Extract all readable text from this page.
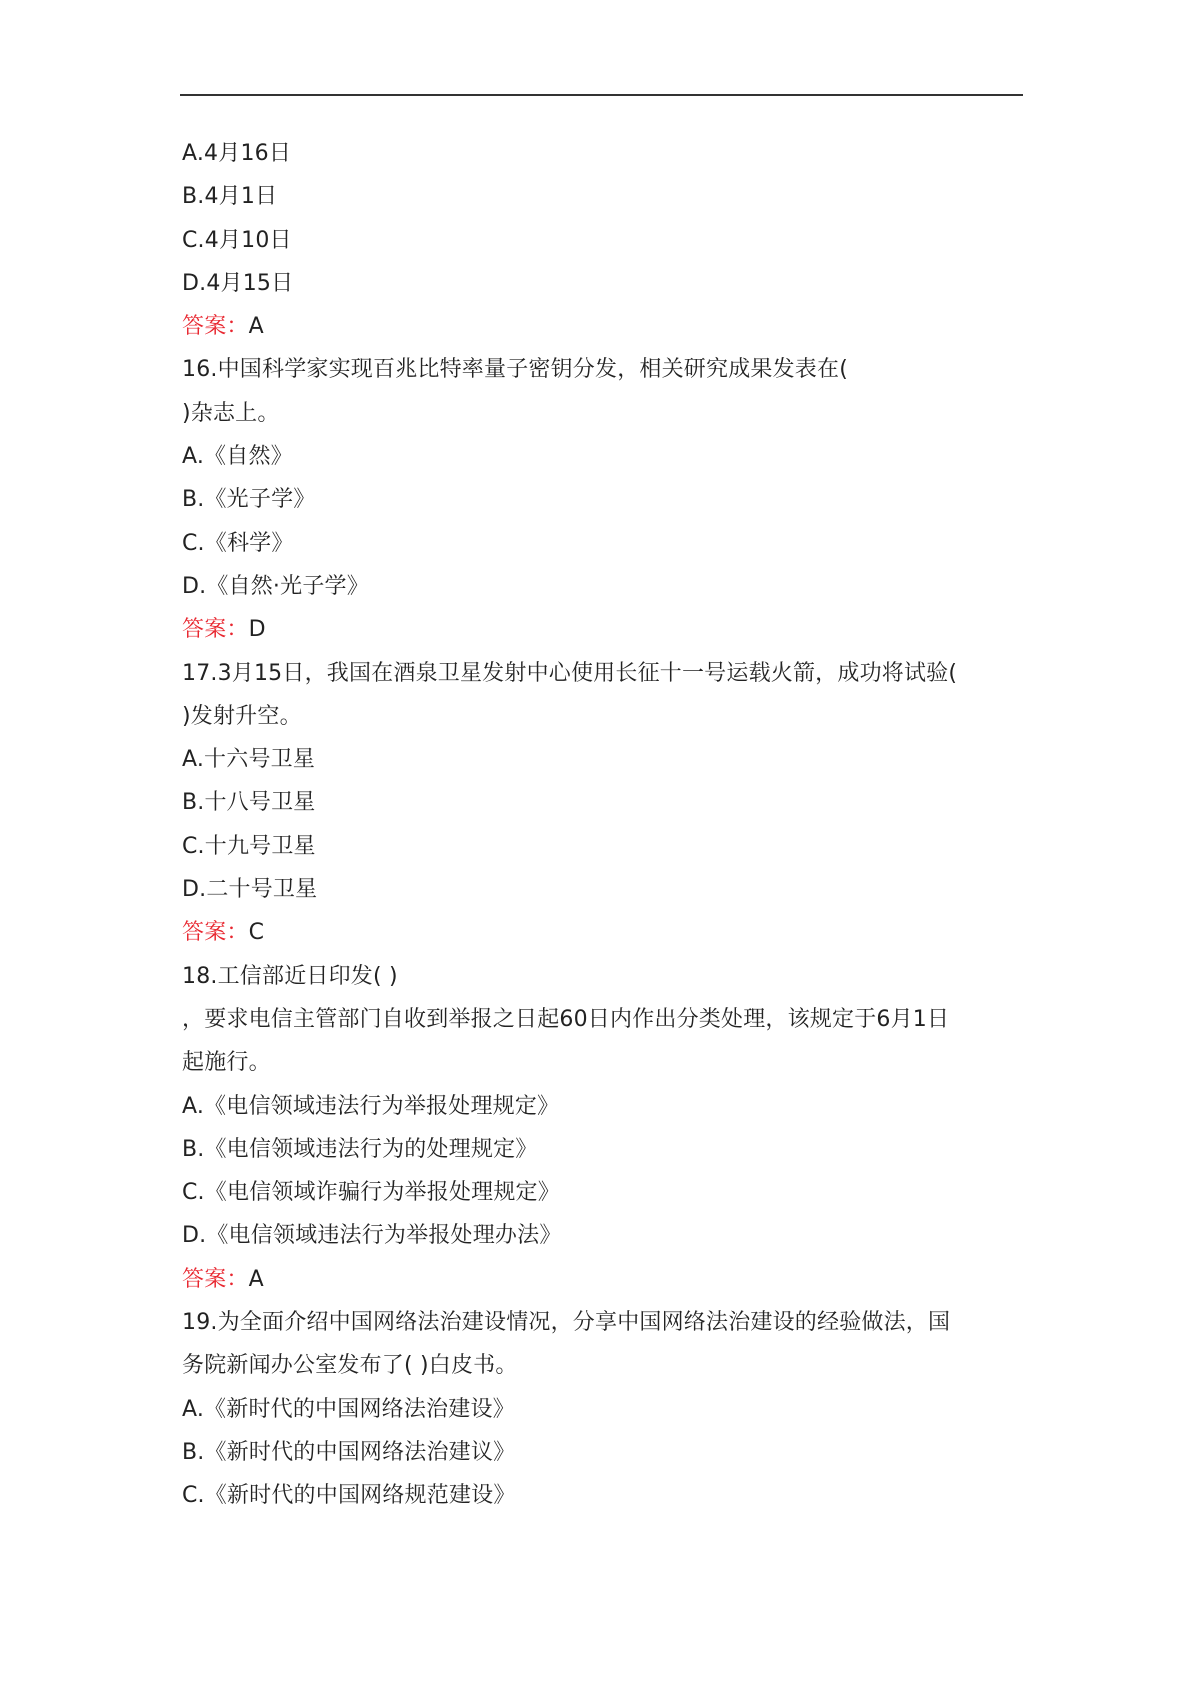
A.4月16日
B.4月1日
C.4月10日
D.4月15日
答案：A
16.中国科学家实现百兆比特率量子密钥分发，相关研究成果发表在(
)杂志上。
A.《自然》
B.《光子学》
C.《科学》
D.《自然·光子学》
答案：D
17.3月15日，我国在酒泉卫星发射中心使用长征十一号运载火箭，成功将试验(
)发射升空。
A.十六号卫星
B.十八号卫星
C.十九号卫星
D.二十号卫星
答案：C
18.工信部近日印发( )
，要求电信主管部门自收到举报之日起60日内作出分类处理，该规定于6月1日
起施行。
A.《电信领域违法行为举报处理规定》
B.《电信领域违法行为的处理规定》
C.《电信领域诈骗行为举报处理规定》
D.《电信领域违法行为举报处理办法》
答案：A
19.为全面介绍中国网络法治建设情况，分享中国网络法治建设的经验做法，国
务院新闻办公室发布了( )白皮书。
A.《新时代的中国网络法治建设》
B.《新时代的中国网络法治建议》
C.《新时代的中国网络规范建设》
